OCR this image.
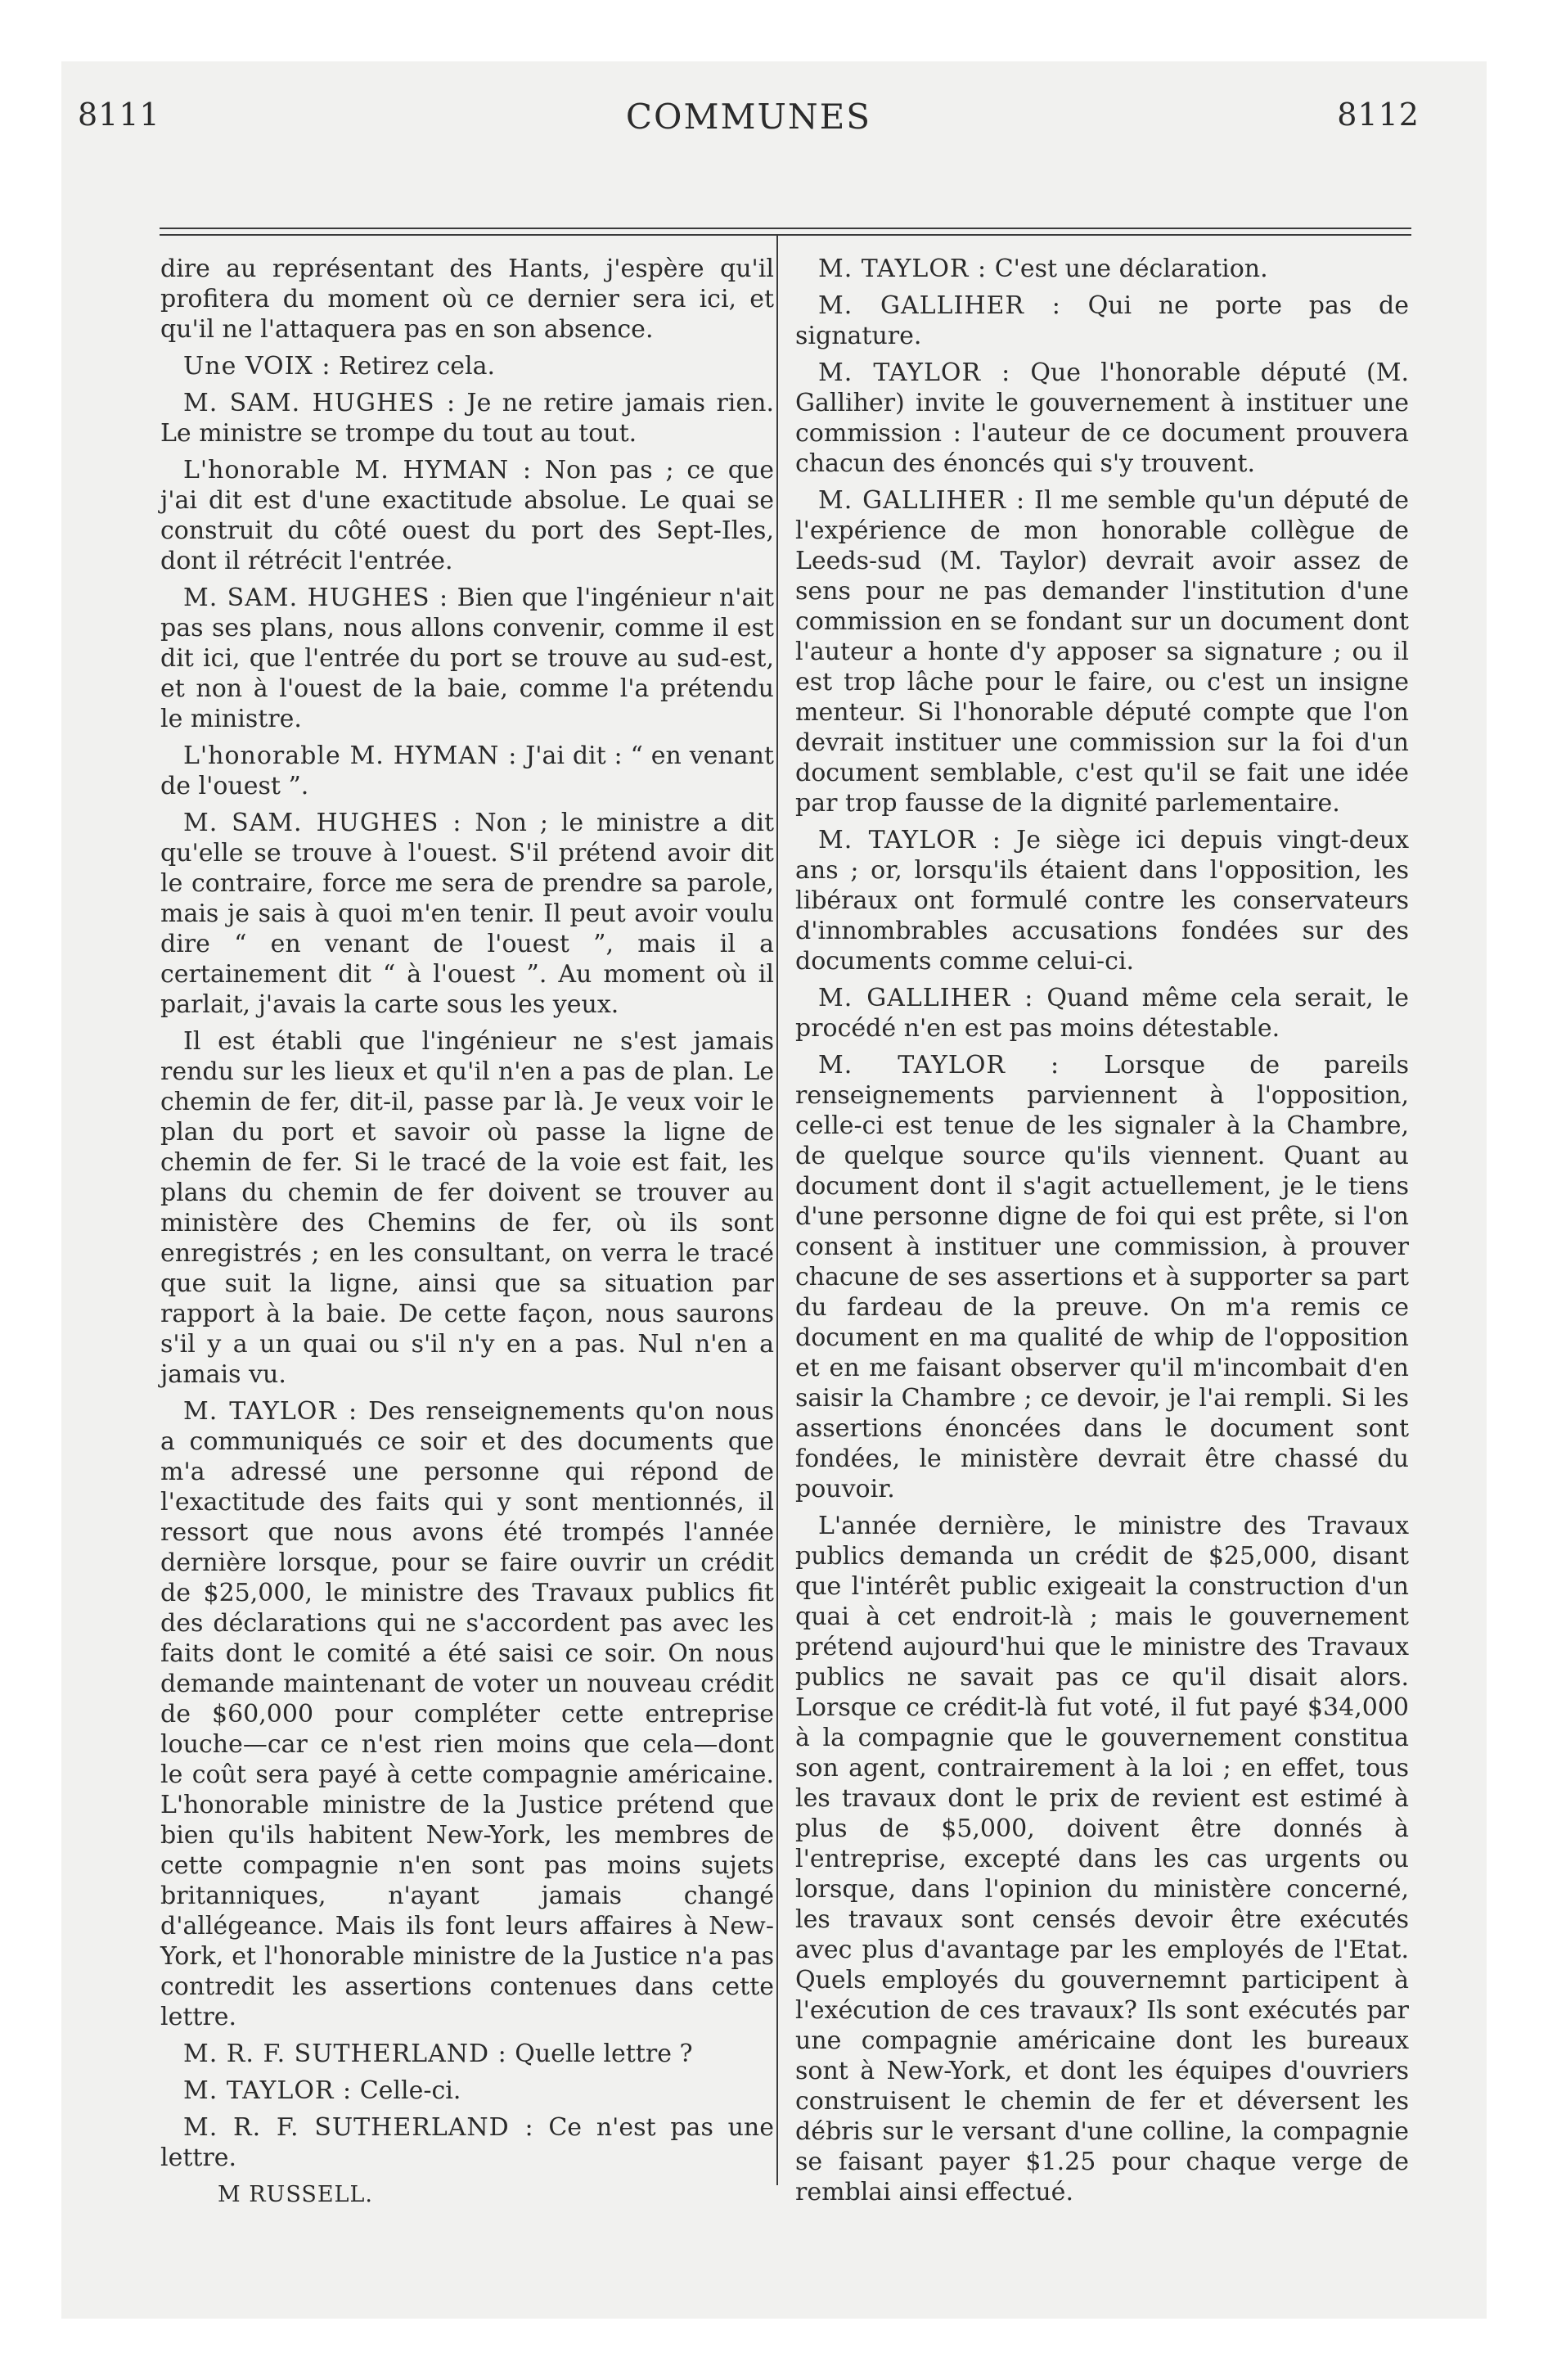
8111	COMMUNES	8112

dire au représentant des Hants, j'espère qu'il profitera du moment où ce dernier sera ici, et qu'il ne l'attaquera pas en son absence.

Une VOIX : Retirez cela.

M. SAM. HUGHES : Je ne retire jamais rien. Le ministre se trompe du tout au tout.

L'honorable M. HYMAN : Non pas ; ce que j'ai dit est d'une exactitude absolue. Le quai se construit du côté ouest du port des Sept-Iles, dont il rétrécit l'entrée.

M. SAM. HUGHES : Bien que l'ingénieur n'ait pas ses plans, nous allons convenir, comme il est dit ici, que l'entrée du port se trouve au sud-est, et non à l'ouest de la baie, comme l'a prétendu le ministre.

L'honorable M. HYMAN : J'ai dit : “ en venant de l'ouest ”.

M. SAM. HUGHES : Non ; le ministre a dit qu'elle se trouve à l'ouest. S'il prétend avoir dit le contraire, force me sera de prendre sa parole, mais je sais à quoi m'en tenir. Il peut avoir voulu dire “ en venant de l'ouest ”, mais il a certainement dit “ à l'ouest ”. Au moment où il parlait, j'avais la carte sous les yeux.

Il est établi que l'ingénieur ne s'est jamais rendu sur les lieux et qu'il n'en a pas de plan. Le chemin de fer, dit-il, passe par là. Je veux voir le plan du port et savoir où passe la ligne de chemin de fer. Si le tracé de la voie est fait, les plans du chemin de fer doivent se trouver au ministère des Chemins de fer, où ils sont enregistrés ; en les consultant, on verra le tracé que suit la ligne, ainsi que sa situation par rapport à la baie. De cette façon, nous saurons s'il y a un quai ou s'il n'y en a pas. Nul n'en a jamais vu.

M. TAYLOR : Des renseignements qu'on nous a communiqués ce soir et des documents que m'a adressé une personne qui répond de l'exactitude des faits qui y sont mentionnés, il ressort que nous avons été trompés l'année dernière lorsque, pour se faire ouvrir un crédit de $25,000, le ministre des Travaux publics fit des déclarations qui ne s'accordent pas avec les faits dont le comité a été saisi ce soir. On nous demande maintenant de voter un nouveau crédit de $60,000 pour compléter cette entreprise louche—car ce n'est rien moins que cela—dont le coût sera payé à cette compagnie américaine. L'honorable ministre de la Justice prétend que bien qu'ils habitent New-York, les membres de cette compagnie n'en sont pas moins sujets britanniques, n'ayant jamais changé d'allégeance. Mais ils font leurs affaires à New-York, et l'honorable ministre de la Justice n'a pas contredit les assertions contenues dans cette lettre.

M. R. F. SUTHERLAND : Quelle lettre ?

M. TAYLOR : Celle-ci.

M. R. F. SUTHERLAND : Ce n'est pas une lettre.

M RUSSELL.

M. TAYLOR : C'est une déclaration.

M. GALLIHER : Qui ne porte pas de signature.

M. TAYLOR : Que l'honorable député (M. Galliher) invite le gouvernement à instituer une commission : l'auteur de ce document prouvera chacun des énoncés qui s'y trouvent.

M. GALLIHER : Il me semble qu'un député de l'expérience de mon honorable collègue de Leeds-sud (M. Taylor) devrait avoir assez de sens pour ne pas demander l'institution d'une commission en se fondant sur un document dont l'auteur a honte d'y apposer sa signature ; ou il est trop lâche pour le faire, ou c'est un insigne menteur. Si l'honorable député compte que l'on devrait instituer une commission sur la foi d'un document semblable, c'est qu'il se fait une idée par trop fausse de la dignité parlementaire.

M. TAYLOR : Je siège ici depuis vingt-deux ans ; or, lorsqu'ils étaient dans l'opposition, les libéraux ont formulé contre les conservateurs d'innombrables accusations fondées sur des documents comme celui-ci.

M. GALLIHER : Quand même cela serait, le procédé n'en est pas moins détestable.

M. TAYLOR : Lorsque de pareils renseignements parviennent à l'opposition, celle-ci est tenue de les signaler à la Chambre, de quelque source qu'ils viennent. Quant au document dont il s'agit actuellement, je le tiens d'une personne digne de foi qui est prête, si l'on consent à instituer une commission, à prouver chacune de ses assertions et à supporter sa part du fardeau de la preuve. On m'a remis ce document en ma qualité de whip de l'opposition et en me faisant observer qu'il m'incombait d'en saisir la Chambre ; ce devoir, je l'ai rempli. Si les assertions énoncées dans le document sont fondées, le ministère devrait être chassé du pouvoir.

L'année dernière, le ministre des Travaux publics demanda un crédit de $25,000, disant que l'intérêt public exigeait la construction d'un quai à cet endroit-là ; mais le gouvernement prétend aujourd'hui que le ministre des Travaux publics ne savait pas ce qu'il disait alors. Lorsque ce crédit-là fut voté, il fut payé $34,000 à la compagnie que le gouvernement constitua son agent, contrairement à la loi ; en effet, tous les travaux dont le prix de revient est estimé à plus de $5,000, doivent être donnés à l'entreprise, excepté dans les cas urgents ou lorsque, dans l'opinion du ministère concerné, les travaux sont censés devoir être exécutés avec plus d'avantage par les employés de l'Etat. Quels employés du gouvernemnt participent à l'exécution de ces travaux? Ils sont exécutés par une compagnie américaine dont les bureaux sont à New-York, et dont les équipes d'ouvriers construisent le chemin de fer et déversent les débris sur le versant d'une colline, la compagnie se faisant payer $1.25 pour chaque verge de remblai ainsi effectué.
